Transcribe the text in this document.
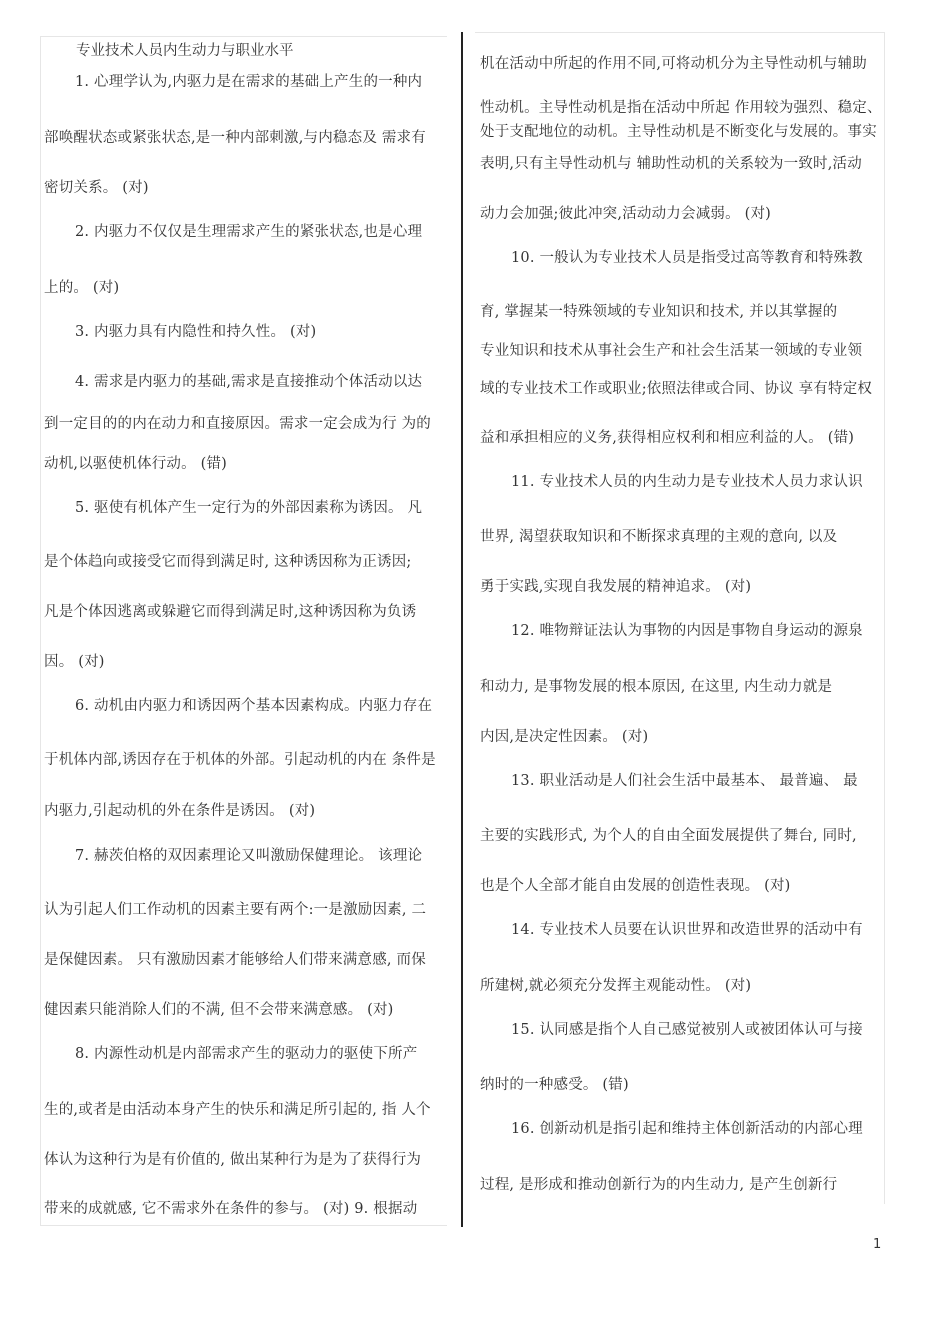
专业技术人员内生动力与职业水平
1. 心理学认为,内驱力是在需求的基础上产生的一种内
部唤醒状态或紧张状态,是一种内部刺激,与内稳态及 需求有
密切关系。 (对)
2. 内驱力不仅仅是生理需求产生的紧张状态,也是心理
上的。 (对)
3. 内驱力具有内隐性和持久性。 (对)
4. 需求是内驱力的基础,需求是直接推动个体活动以达
到一定目的的内在动力和直接原因。需求一定会成为行 为的
动机,以驱使机体行动。 (错)
5. 驱使有机体产生一定行为的外部因素称为诱因。 凡
是个体趋向或接受它而得到满足时, 这种诱因称为正诱因;
凡是个体因逃离或躲避它而得到满足时,这种诱因称为负诱
因。 (对)
6. 动机由内驱力和诱因两个基本因素构成。内驱力存在
于机体内部,诱因存在于机体的外部。引起动机的内在 条件是
内驱力,引起动机的外在条件是诱因。 (对)
7. 赫茨伯格的双因素理论又叫激励保健理论。 该理论
认为引起人们工作动机的因素主要有两个:一是激励因素, 二
是保健因素。 只有激励因素才能够给人们带来满意感, 而保
健因素只能消除人们的不满, 但不会带来满意感。 (对)
8. 内源性动机是内部需求产生的驱动力的驱使下所产
生的,或者是由活动本身产生的快乐和满足所引起的, 指 人个
体认为这种行为是有价值的, 做出某种行为是为了获得行为
带来的成就感, 它不需求外在条件的参与。 (对) 9. 根据动
机在活动中所起的作用不同,可将动机分为主导性动机与辅助
性动机。主导性动机是指在活动中所起 作用较为强烈、稳定、
处于支配地位的动机。主导性动机是不断变化与发展的。事实
表明,只有主导性动机与 辅助性动机的关系较为一致时,活动
动力会加强;彼此冲突,活动动力会减弱。 (对)
10. 一般认为专业技术人员是指受过高等教育和特殊教
育, 掌握某一特殊领域的专业知识和技术, 并以其掌握的
专业知识和技术从事社会生产和社会生活某一领域的专业领
域的专业技术工作或职业;依照法律或合同、协议 享有特定权
益和承担相应的义务,获得相应权利和相应利益的人。 (错)
11. 专业技术人员的内生动力是专业技术人员力求认识
世界, 渴望获取知识和不断探求真理的主观的意向, 以及
勇于实践,实现自我发展的精神追求。 (对)
12. 唯物辩证法认为事物的内因是事物自身运动的源泉
和动力, 是事物发展的根本原因, 在这里, 内生动力就是
内因,是决定性因素。 (对)
13. 职业活动是人们社会生活中最基本、 最普遍、 最
主要的实践形式, 为个人的自由全面发展提供了舞台, 同时,
也是个人全部才能自由发展的创造性表现。 (对)
14. 专业技术人员要在认识世界和改造世界的活动中有
所建树,就必须充分发挥主观能动性。 (对)
15. 认同感是指个人自己感觉被别人或被团体认可与接
纳时的一种感受。 (错)
16. 创新动机是指引起和维持主体创新活动的内部心理
过程, 是形成和推动创新行为的内生动力, 是产生创新行
1
